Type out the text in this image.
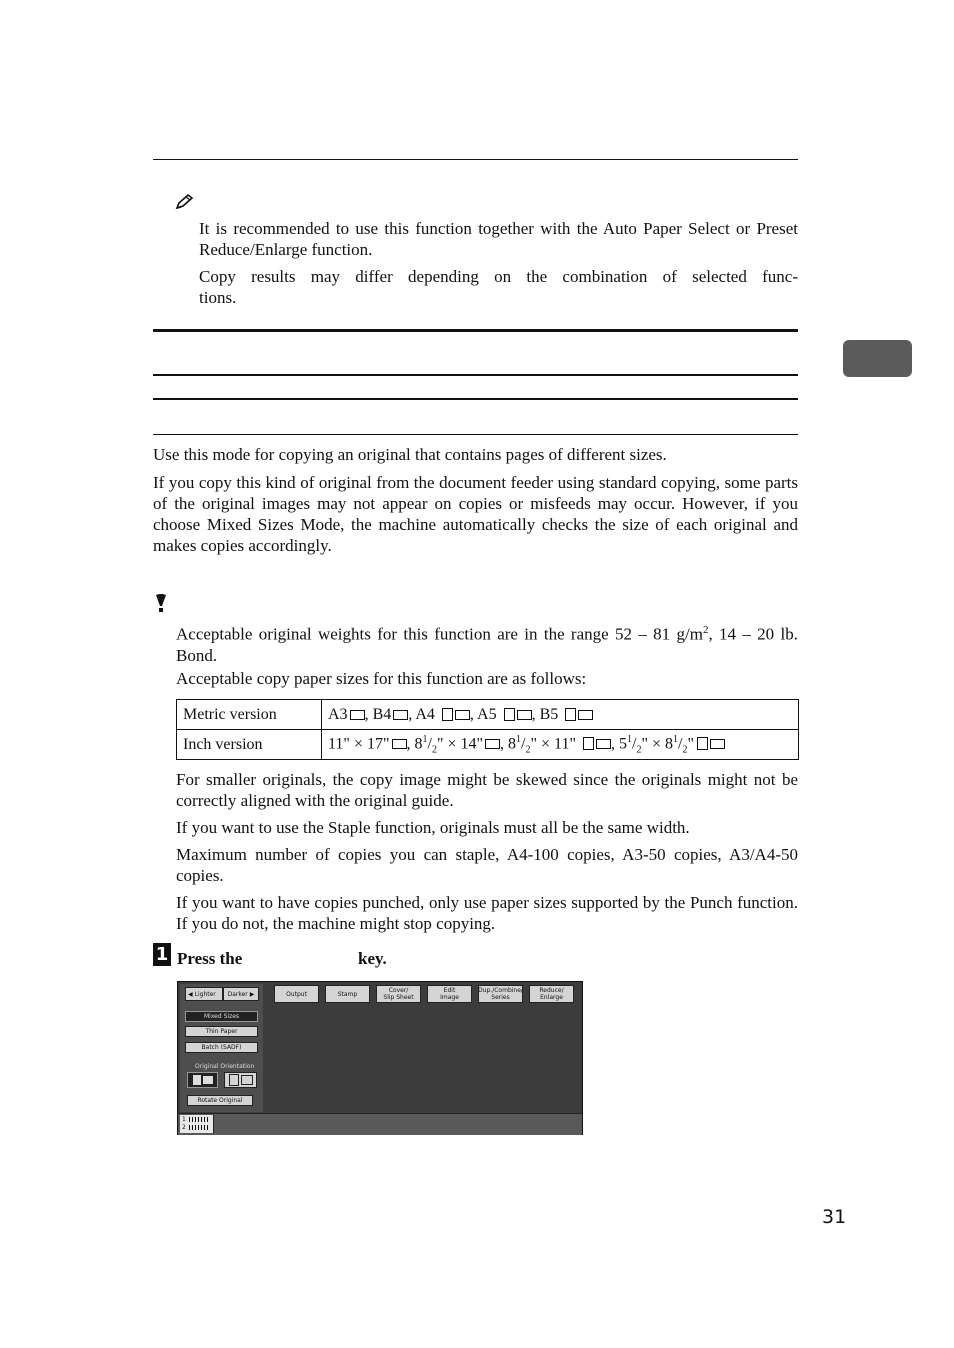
It is recommended to use this function together with the Auto Paper Select or Preset Reduce/Enlarge function.
Copy results may differ depending on the combination of selected func-
tions.
Use this mode for copying an original that contains pages of different sizes.
If you copy this kind of original from the document feeder using standard copying, some parts of the original images may not appear on copies or misfeeds may occur. However, if you choose Mixed Sizes Mode, the machine automatically checks the size of each original and makes copies accordingly.
Acceptable original weights for this function are in the range 52 – 81 $g/m^2$, 14 – 20 lb. Bond.
Acceptable copy paper sizes for this function are as follows:
Metric version	A3 , B4 , A4 , A5 , B5
Inch version	11" × 17" , $8^1/_2$" × 14" , $8^1/_2$" × 11" , $5^1/_2$" × $8^1/_2$"
For smaller originals, the copy image might be skewed since the originals might not be correctly aligned with the original guide.
If you want to use the Staple function, originals must all be the same width.
Maximum number of copies you can staple, A4-100 copies, A3-50 copies, A3/A4-50 copies.
If you want to have copies punched, only use paper sizes supported by the Punch function. If you do not, the machine might stop copying.
1 Press the	key.
◀ Lighter Darker ▶
Mixed Sizes
Thin Paper
Batch (SADF)
Original Orientation
Rotate Original
Output	Stamp	Cover/
Slip Sheet
Edit
Image
Dup./Combine/
Series
Reduce/
Enlarge
1
2
31
